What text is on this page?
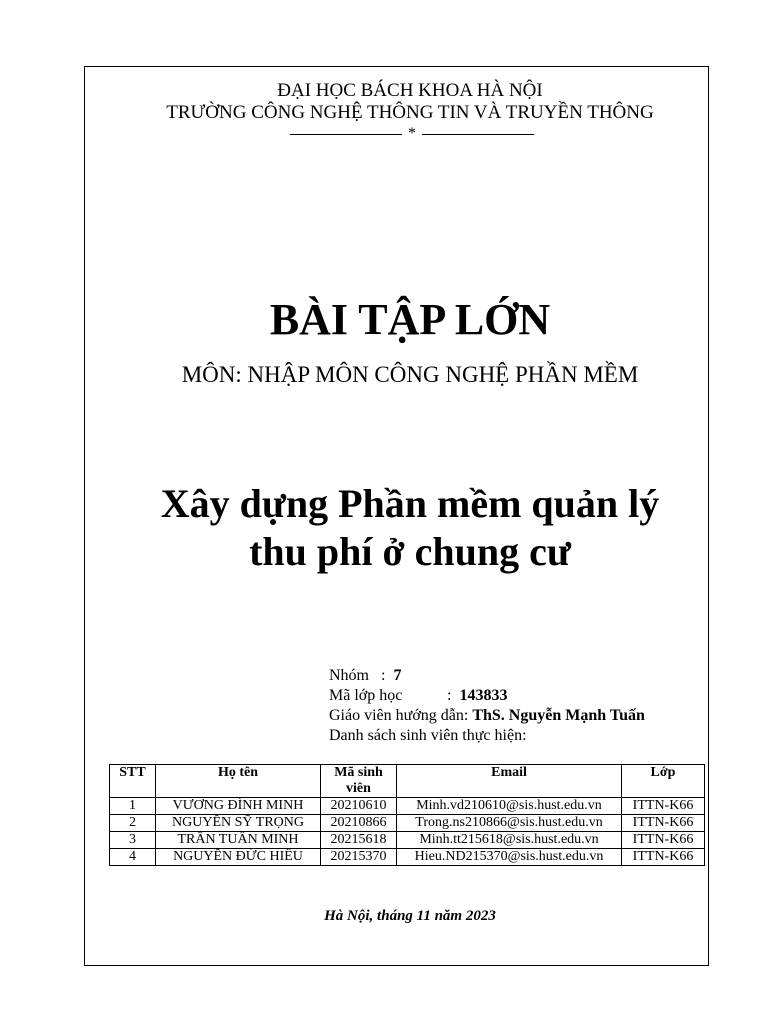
ĐẠI HỌC BÁCH KHOA HÀ NỘI
TRƯỜNG CÔNG NGHỆ THÔNG TIN VÀ TRUYỀN THÔNG
*
BÀI TẬP LỚN
MÔN: NHẬP MÔN CÔNG NGHỆ PHẦN MỀM
Xây dựng Phần mềm quản lý
thu phí ở chung cư
Nhóm : 7
Mã lớp học	: 143833
Giáo viên hướng dẫn: ThS. Nguyễn Mạnh Tuấn
Danh sách sinh viên thực hiện:
STT	Họ tên	Mã sinh viên	Email	Lớp
1	VƯƠNG ĐÌNH MINH	20210610	Minh.vd210610@sis.hust.edu.vn	ITTN-K66
2	NGUYỄN SỸ TRỌNG	20210866	Trong.ns210866@sis.hust.edu.vn	ITTN-K66
3	TRẦN TUẤN MINH	20215618	Minh.tt215618@sis.hust.edu.vn	ITTN-K66
4	NGUYỄN ĐỨC HIẾU	20215370	Hieu.ND215370@sis.hust.edu.vn	ITTN-K66
Hà Nội, tháng 11 năm 2023
